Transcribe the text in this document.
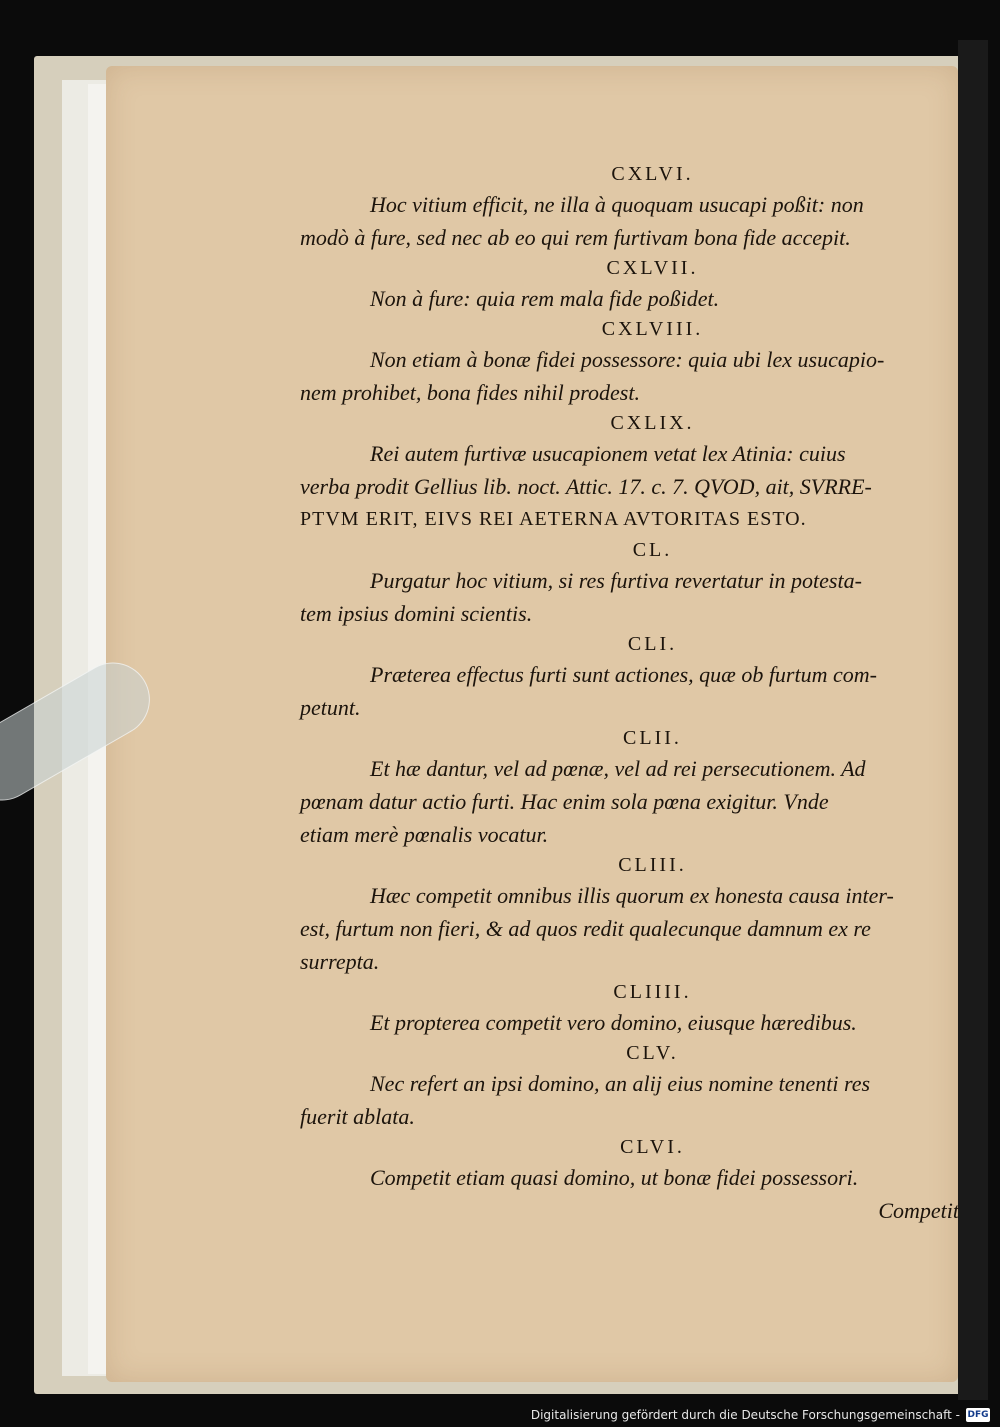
CXLVI.
Hoc vitium efficit, ne illa à quoquam usucapi poßit: non
modò à fure, sed nec ab eo qui rem furtivam bona fide accepit.
CXLVII.
Non à fure: quia rem mala fide poßidet.
CXLVIII.
Non etiam à bonæ fidei possessore: quia ubi lex usucapio-
nem prohibet, bona fides nihil prodest.
CXLIX.
Rei autem furtivæ usucapionem vetat lex Atinia: cuius
verba prodit Gellius lib. noct. Attic. 17. c. 7. QVOD, ait, SVRRE-
PTVM ERIT, EIVS REI AETERNA AVTORITAS ESTO.
CL.
Purgatur hoc vitium, si res furtiva revertatur in potesta-
tem ipsius domini scientis.
CLI.
Præterea effectus furti sunt actiones, quæ ob furtum com-
petunt.
CLII.
Et hæ dantur, vel ad pœnæ, vel ad rei persecutionem. Ad
pœnam datur actio furti. Hac enim sola pœna exigitur. Vnde
etiam merè pœnalis vocatur.
CLIII.
Hæc competit omnibus illis quorum ex honesta causa inter-
est, furtum non fieri, & ad quos redit qualecunque damnum ex re
surrepta.
CLIIII.
Et propterea competit vero domino, eiusque hæredibus.
CLV.
Nec refert an ipsi domino, an alij eius nomine tenenti res
fuerit ablata.
CLVI.
Competit etiam quasi domino, ut bonæ fidei possessori.
Competit
Digitalisierung gefördert durch die Deutsche Forschungsgemeinschaft - DFG
